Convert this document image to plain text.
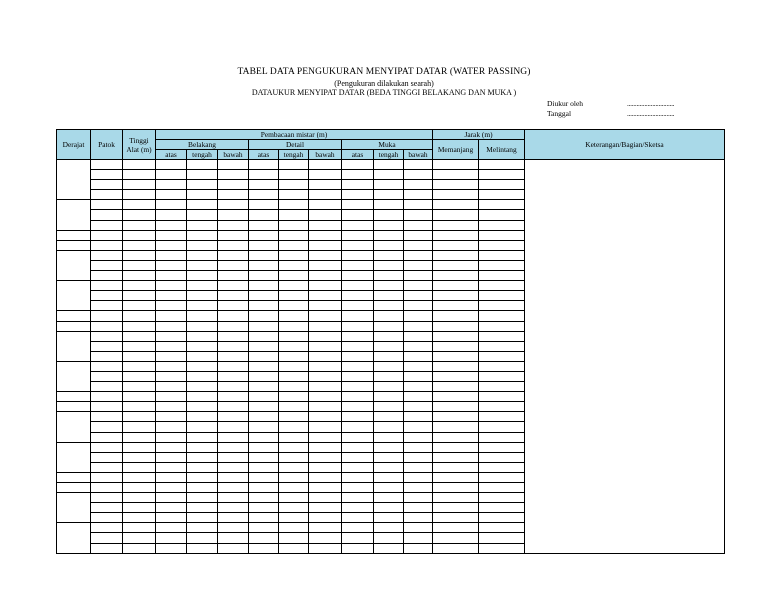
TABEL DATA PENGUKURAN MENYIPAT DATAR (WATER PASSING)
(Pengukuran dilakukan searah)
DATAUKUR MENYIPAT DATAR (BEDA TINGGI BELAKANG DAN MUKA )
Diukur oleh	..............................
Tanggal	..............................
Derajat	Patok	Tinggi Alat (m)	Pembacaan mistar (m)									Jarak (m)		Keterangan/Bagian/Sketsa
			Belakang			Detail			Muka			Memanjang	Melintang	
			atas	tengah	bawah	atas	tengah	bawah	atas	tengah	bawah			
